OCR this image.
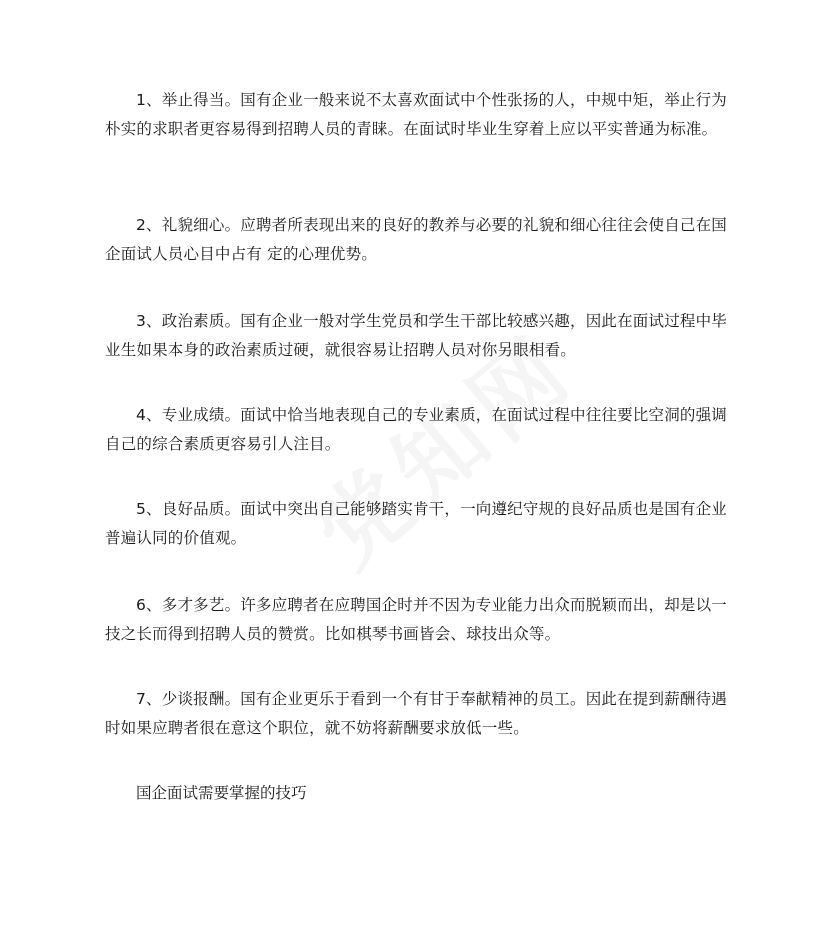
1、举止得当。国有企业一般来说不太喜欢面试中个性张扬的人，中规中矩，举止行为朴实的求职者更容易得到招聘人员的青睐。在面试时毕业生穿着上应以平实普通为标准。

2、礼貌细心。应聘者所表现出来的良好的教养与必要的礼貌和细心往往会使自己在国企面试人员心目中占有 定的心理优势。

3、政治素质。国有企业一般对学生党员和学生干部比较感兴趣，因此在面试过程中毕业生如果本身的政治素质过硬，就很容易让招聘人员对你另眼相看。

4、专业成绩。面试中恰当地表现自己的专业素质，在面试过程中往往要比空洞的强调自己的综合素质更容易引人注目。

5、良好品质。面试中突出自己能够踏实肯干，一向遵纪守规的良好品质也是国有企业普遍认同的价值观。

6、多才多艺。许多应聘者在应聘国企时并不因为专业能力出众而脱颖而出，却是以一技之长而得到招聘人员的赞赏。比如棋琴书画皆会、球技出众等。

7、少谈报酬。国有企业更乐于看到一个有甘于奉献精神的员工。因此在提到薪酬待遇时如果应聘者很在意这个职位，就不妨将薪酬要求放低一些。

国企面试需要掌握的技巧
